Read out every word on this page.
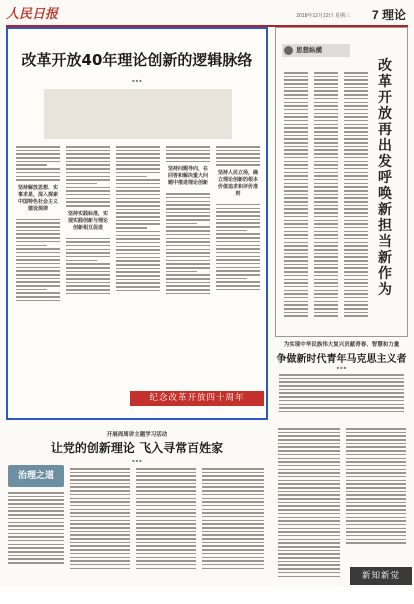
人民日报	2018年12月12日 星期三 7 理论
改革开放40年理论创新的逻辑脉络
■ ■ ■
坚持解放思想、实事求是，深入探索中国特色社会主义建设规律
坚持实践标准，实现实践创新与理论创新相互促进
坚持问题导向，在回答和解决重大问题中推进理论创新
坚持人民立场，确立理论创新的根本价值追求和评价准则
纪念改革开放四十周年
思想纵横
改革开放再出发呼唤新担当新作为
为实现中华民族伟大复兴贡献青春、智慧和力量
争做新时代青年马克思主义者
■ ■ ■
开展周周讲主题学习活动
让党的创新理论 飞入寻常百姓家
■ ■ ■
治理之道
新知新觉
